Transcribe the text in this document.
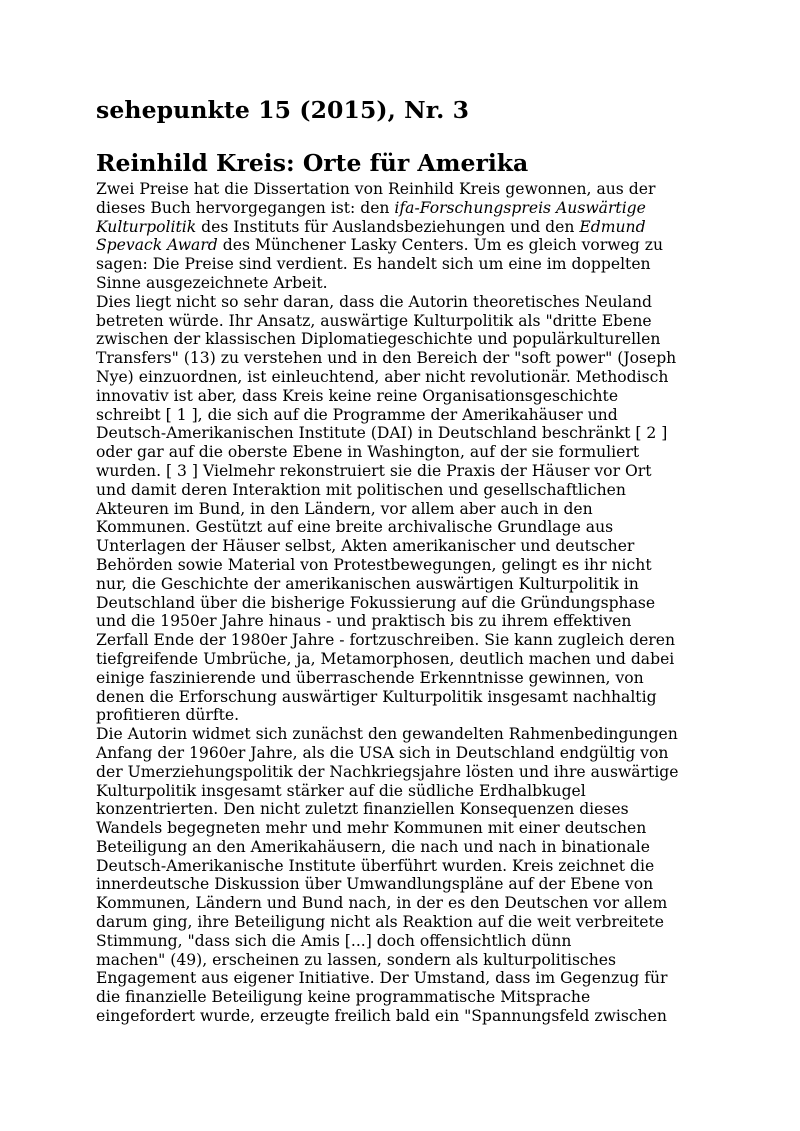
sehepunkte 15 (2015), Nr. 3
Reinhild Kreis: Orte für Amerika

Zwei Preise hat die Dissertation von Reinhild Kreis gewonnen, aus der
dieses Buch hervorgegangen ist: den ifa-Forschungspreis Auswärtige
Kulturpolitik des Instituts für Auslandsbeziehungen und den Edmund
Spevack Award des Münchener Lasky Centers. Um es gleich vorweg zu
sagen: Die Preise sind verdient. Es handelt sich um eine im doppelten
Sinne ausgezeichnete Arbeit.

Dies liegt nicht so sehr daran, dass die Autorin theoretisches Neuland
betreten würde. Ihr Ansatz, auswärtige Kulturpolitik als "dritte Ebene
zwischen der klassischen Diplomatiegeschichte und populärkulturellen
Transfers" (13) zu verstehen und in den Bereich der "soft power" (Joseph
Nye) einzuordnen, ist einleuchtend, aber nicht revolutionär. Methodisch
innovativ ist aber, dass Kreis keine reine Organisationsgeschichte
schreibt [ 1 ], die sich auf die Programme der Amerikahäuser und
Deutsch-Amerikanischen Institute (DAI) in Deutschland beschränkt [ 2 ]
oder gar auf die oberste Ebene in Washington, auf der sie formuliert
wurden. [ 3 ] Vielmehr rekonstruiert sie die Praxis der Häuser vor Ort
und damit deren Interaktion mit politischen und gesellschaftlichen
Akteuren im Bund, in den Ländern, vor allem aber auch in den
Kommunen. Gestützt auf eine breite archivalische Grundlage aus
Unterlagen der Häuser selbst, Akten amerikanischer und deutscher
Behörden sowie Material von Protestbewegungen, gelingt es ihr nicht
nur, die Geschichte der amerikanischen auswärtigen Kulturpolitik in
Deutschland über die bisherige Fokussierung auf die Gründungsphase
und die 1950er Jahre hinaus - und praktisch bis zu ihrem effektiven
Zerfall Ende der 1980er Jahre - fortzuschreiben. Sie kann zugleich deren
tiefgreifende Umbrüche, ja, Metamorphosen, deutlich machen und dabei
einige faszinierende und überraschende Erkenntnisse gewinnen, von
denen die Erforschung auswärtiger Kulturpolitik insgesamt nachhaltig
profitieren dürfte.

Die Autorin widmet sich zunächst den gewandelten Rahmenbedingungen
Anfang der 1960er Jahre, als die USA sich in Deutschland endgültig von
der Umerziehungspolitik der Nachkriegsjahre lösten und ihre auswärtige
Kulturpolitik insgesamt stärker auf die südliche Erdhalbkugel
konzentrierten. Den nicht zuletzt finanziellen Konsequenzen dieses
Wandels begegneten mehr und mehr Kommunen mit einer deutschen
Beteiligung an den Amerikahäusern, die nach und nach in binationale
Deutsch-Amerikanische Institute überführt wurden. Kreis zeichnet die
innerdeutsche Diskussion über Umwandlungspläne auf der Ebene von
Kommunen, Ländern und Bund nach, in der es den Deutschen vor allem
darum ging, ihre Beteiligung nicht als Reaktion auf die weit verbreitete
Stimmung, "dass sich die Amis [...] doch offensichtlich dünn
machen" (49), erscheinen zu lassen, sondern als kulturpolitisches
Engagement aus eigener Initiative. Der Umstand, dass im Gegenzug für
die finanzielle Beteiligung keine programmatische Mitsprache
eingefordert wurde, erzeugte freilich bald ein "Spannungsfeld zwischen
